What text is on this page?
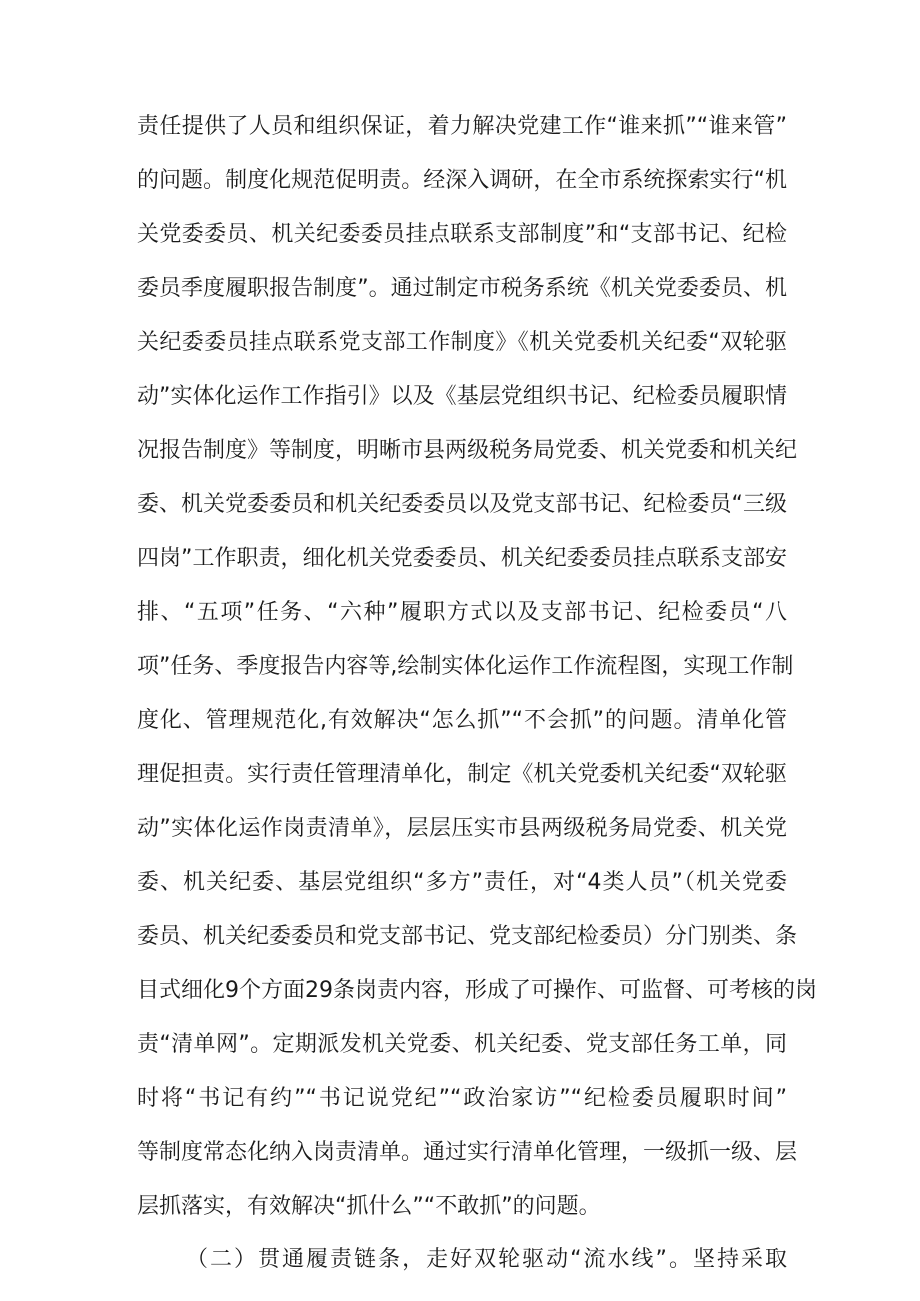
责任提供了人员和组织保证，着力解决党建工作“谁来抓”“谁来管”
的问题。制度化规范促明责。经深入调研，在全市系统探索实行“机
关党委委员、机关纪委委员挂点联系支部制度”和“支部书记、纪检
委员季度履职报告制度”。通过制定市税务系统《机关党委委员、机
关纪委委员挂点联系党支部工作制度》《机关党委机关纪委“双轮驱
动”实体化运作工作指引》以及《基层党组织书记、纪检委员履职情
况报告制度》等制度，明晰市县两级税务局党委、机关党委和机关纪
委、机关党委委员和机关纪委委员以及党支部书记、纪检委员“三级
四岗”工作职责，细化机关党委委员、机关纪委委员挂点联系支部安
排、“五项”任务、“六种”履职方式以及支部书记、纪检委员“八
项”任务、季度报告内容等,绘制实体化运作工作流程图，实现工作制
度化、管理规范化,有效解决“怎么抓”“不会抓”的问题。清单化管
理促担责。实行责任管理清单化，制定《机关党委机关纪委“双轮驱
动”实体化运作岗责清单》，层层压实市县两级税务局党委、机关党
委、机关纪委、基层党组织“多方”责任，对“4类人员”（机关党委
委员、机关纪委委员和党支部书记、党支部纪检委员）分门别类、条
目式细化9个方面29条岗责内容，形成了可操作、可监督、可考核的岗
责“清单网”。定期派发机关党委、机关纪委、党支部任务工单，同
时将“书记有约”“书记说党纪”“政治家访”“纪检委员履职时间”
等制度常态化纳入岗责清单。通过实行清单化管理，一级抓一级、层
层抓落实，有效解决“抓什么”“不敢抓”的问题。
（二）贯通履责链条，走好双轮驱动“流水线”。坚持采取
